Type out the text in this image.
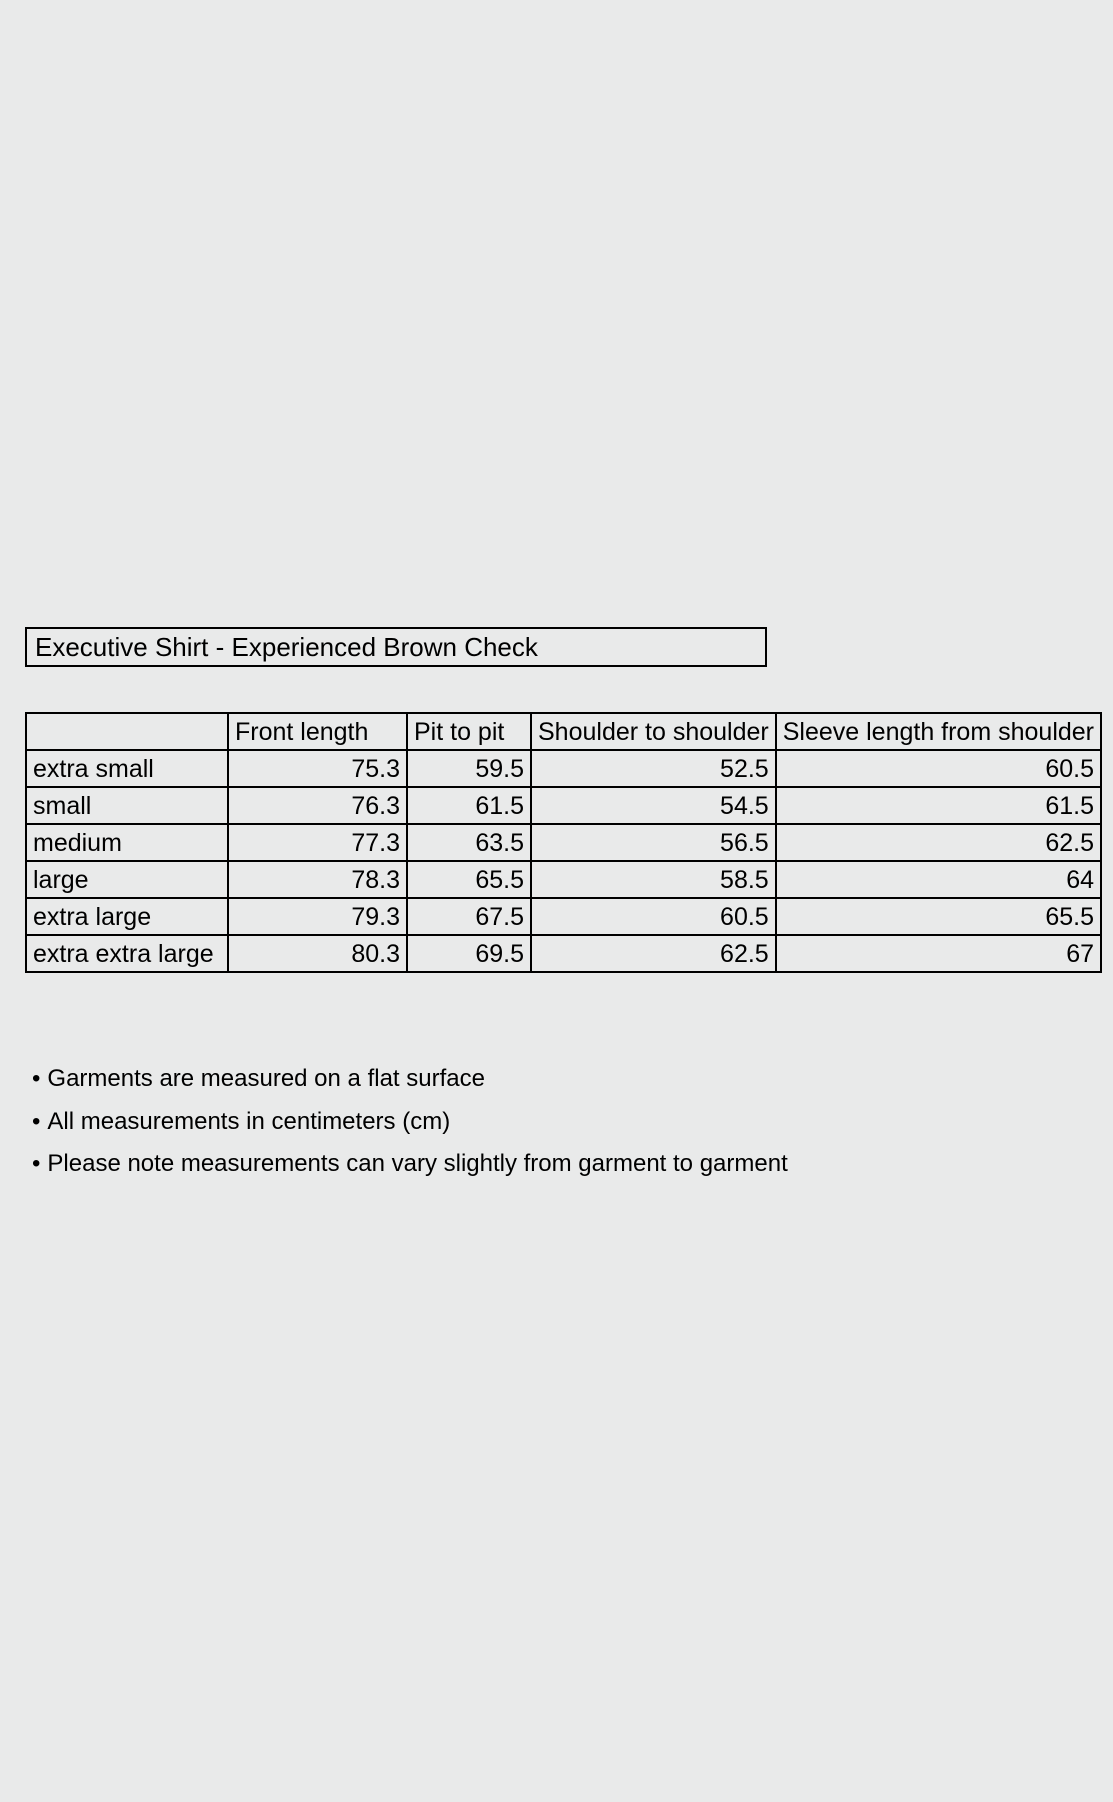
Executive Shirt - Experienced Brown Check
	Front length	Pit to pit	Shoulder to shoulder	Sleeve length from shoulder
extra small	75.3	59.5	52.5	60.5
small	76.3	61.5	54.5	61.5
medium	77.3	63.5	56.5	62.5
large	78.3	65.5	58.5	64
extra large	79.3	67.5	60.5	65.5
extra extra large	80.3	69.5	62.5	67
• Garments are measured on a flat surface
• All measurements in centimeters (cm)
• Please note measurements can vary slightly from garment to garment
